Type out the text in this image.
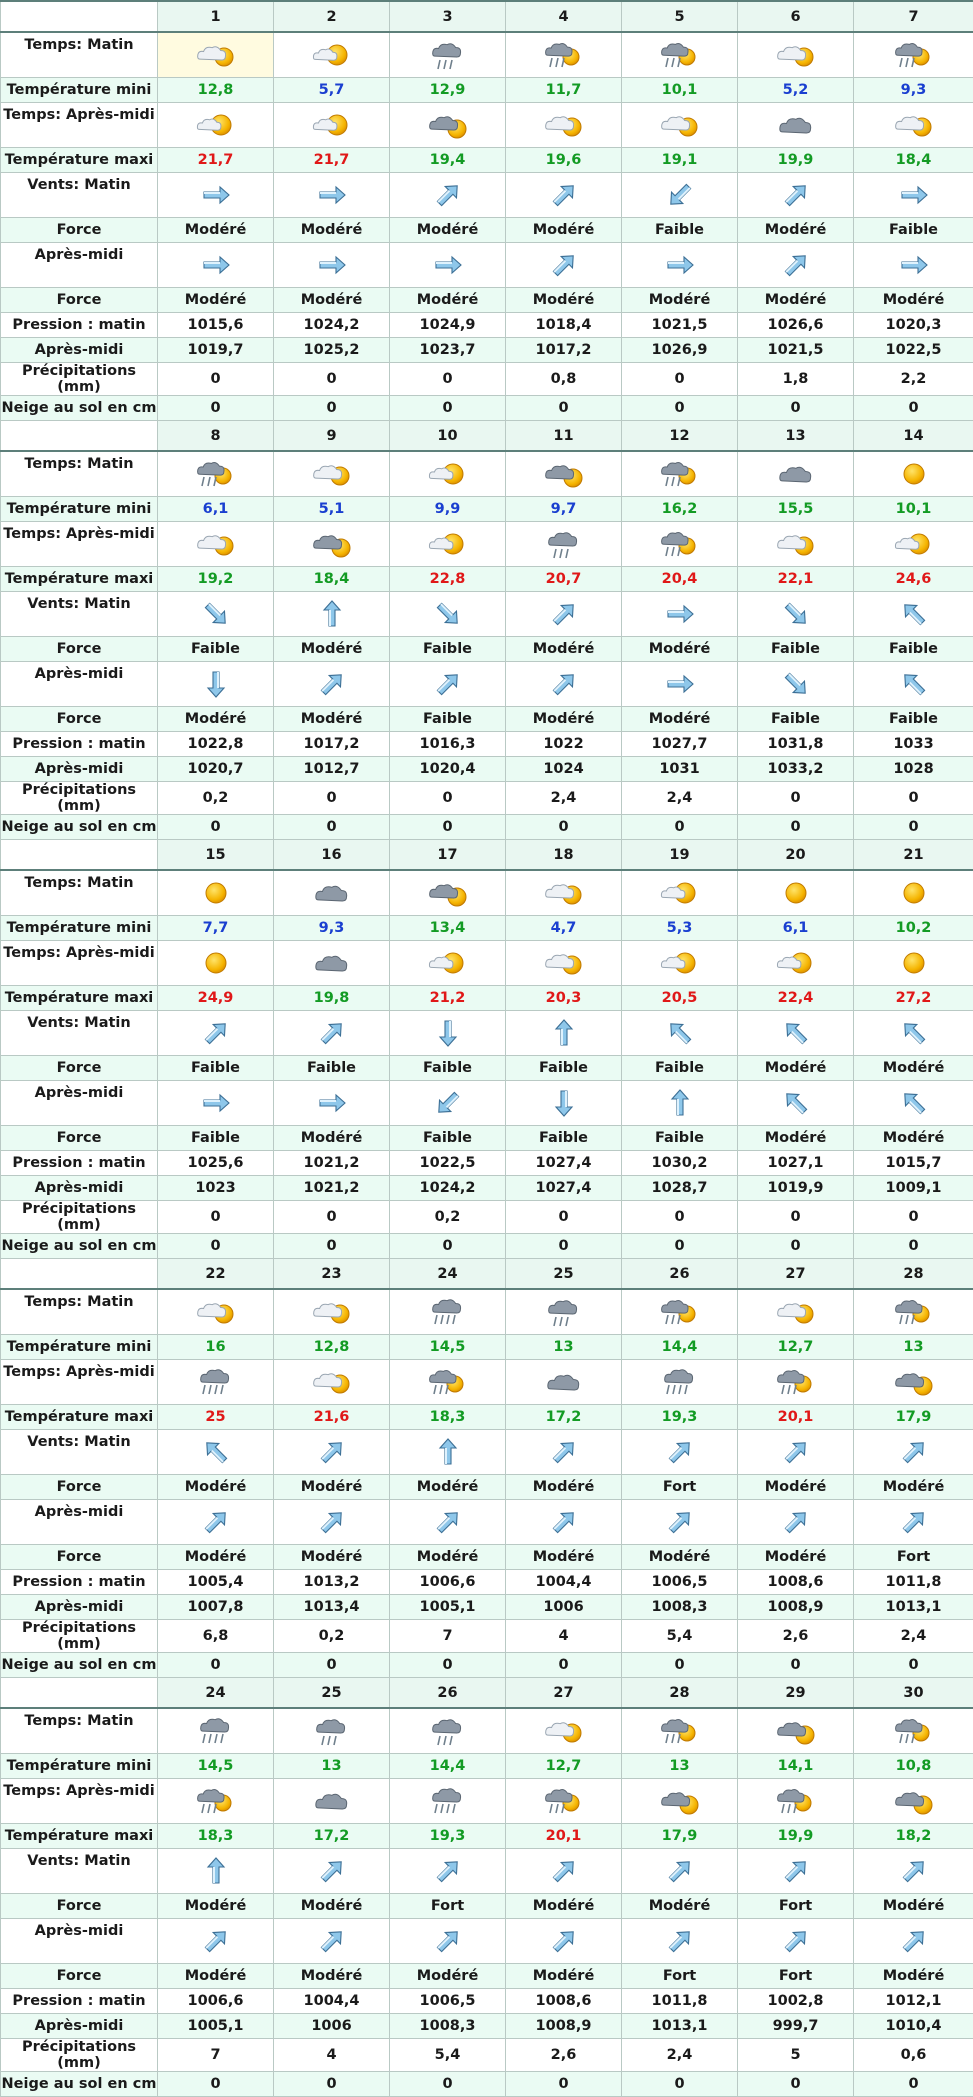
	1	2	3	4	5	6	7
Temps: Matin	

Température mini	12,8	5,7	12,9	11,7	10,1	5,2	9,3
Temps: Après-midi	

Température maxi	21,7	21,7	19,4	19,6	19,1	19,9	18,4
Vents: Matin	

Force	Modéré	Modéré	Modéré	Modéré	Faible	Modéré	Faible
Après-midi	

Force	Modéré	Modéré	Modéré	Modéré	Modéré	Modéré	Modéré
Pression : matin	1015,6	1024,2	1024,9	1018,4	1021,5	1026,6	1020,3
Après-midi	1019,7	1025,2	1023,7	1017,2	1026,9	1021,5	1022,5
Précipitations (mm)	0	0	0	0,8	0	1,8	2,2
Neige au sol en cm	0	0	0	0	0	0	0
	8	9	10	11	12	13	14
Temps: Matin	

Température mini	6,1	5,1	9,9	9,7	16,2	15,5	10,1
Temps: Après-midi	

Température maxi	19,2	18,4	22,8	20,7	20,4	22,1	24,6
Vents: Matin	

Force	Faible	Modéré	Faible	Modéré	Modéré	Faible	Faible
Après-midi	

Force	Modéré	Modéré	Faible	Modéré	Modéré	Faible	Faible
Pression : matin	1022,8	1017,2	1016,3	1022	1027,7	1031,8	1033
Après-midi	1020,7	1012,7	1020,4	1024	1031	1033,2	1028
Précipitations (mm)	0,2	0	0	2,4	2,4	0	0
Neige au sol en cm	0	0	0	0	0	0	0
	15	16	17	18	19	20	21
Temps: Matin	

Température mini	7,7	9,3	13,4	4,7	5,3	6,1	10,2
Temps: Après-midi	

Température maxi	24,9	19,8	21,2	20,3	20,5	22,4	27,2
Vents: Matin	

Force	Faible	Faible	Faible	Faible	Faible	Modéré	Modéré
Après-midi	

Force	Faible	Modéré	Faible	Faible	Faible	Modéré	Modéré
Pression : matin	1025,6	1021,2	1022,5	1027,4	1030,2	1027,1	1015,7
Après-midi	1023	1021,2	1024,2	1027,4	1028,7	1019,9	1009,1
Précipitations (mm)	0	0	0,2	0	0	0	0
Neige au sol en cm	0	0	0	0	0	0	0
	22	23	24	25	26	27	28
Temps: Matin	

Température mini	16	12,8	14,5	13	14,4	12,7	13
Temps: Après-midi	

Température maxi	25	21,6	18,3	17,2	19,3	20,1	17,9
Vents: Matin	

Force	Modéré	Modéré	Modéré	Modéré	Fort	Modéré	Modéré
Après-midi	

Force	Modéré	Modéré	Modéré	Modéré	Modéré	Modéré	Fort
Pression : matin	1005,4	1013,2	1006,6	1004,4	1006,5	1008,6	1011,8
Après-midi	1007,8	1013,4	1005,1	1006	1008,3	1008,9	1013,1
Précipitations (mm)	6,8	0,2	7	4	5,4	2,6	2,4
Neige au sol en cm	0	0	0	0	0	0	0
	24	25	26	27	28	29	30
Temps: Matin	

Température mini	14,5	13	14,4	12,7	13	14,1	10,8
Temps: Après-midi	

Température maxi	18,3	17,2	19,3	20,1	17,9	19,9	18,2
Vents: Matin	

Force	Modéré	Modéré	Fort	Modéré	Modéré	Fort	Modéré
Après-midi	

Force	Modéré	Modéré	Modéré	Modéré	Fort	Fort	Modéré
Pression : matin	1006,6	1004,4	1006,5	1008,6	1011,8	1002,8	1012,1
Après-midi	1005,1	1006	1008,3	1008,9	1013,1	999,7	1010,4
Précipitations (mm)	7	4	5,4	2,6	2,4	5	0,6
Neige au sol en cm	0	0	0	0	0	0	0
